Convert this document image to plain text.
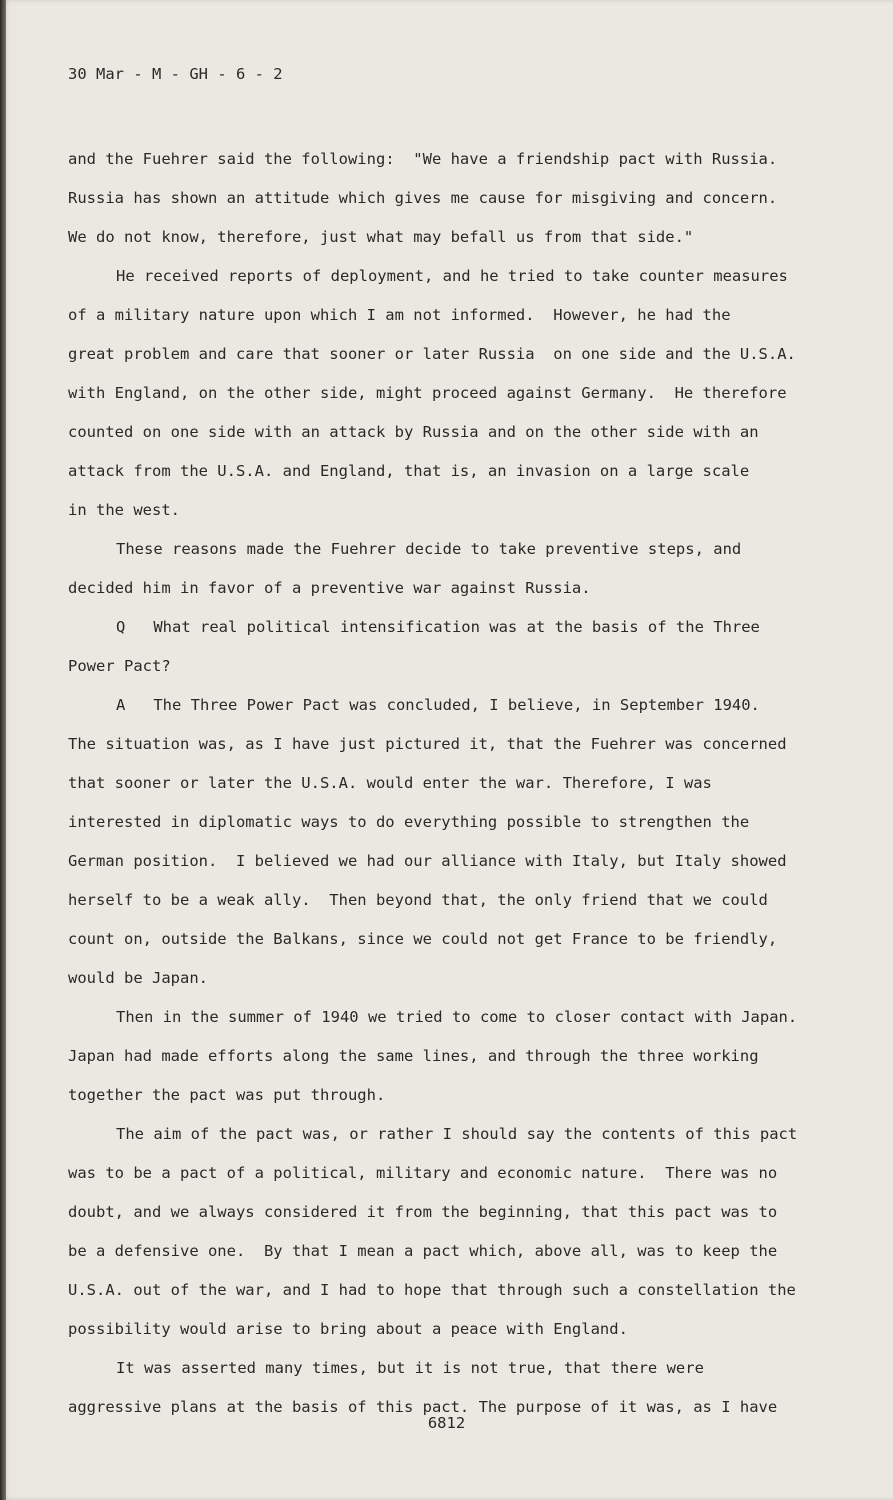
30 Mar - M - GH - 6 - 2
and the Fuehrer said the following:  "We have a friendship pact with Russia.
Russia has shown an attitude which gives me cause for misgiving and concern.
We do not know, therefore, just what may befall us from that side."
He received reports of deployment, and he tried to take counter measures
of a military nature upon which I am not informed.  However, he had the
great problem and care that sooner or later Russia  on one side and the U.S.A.
with England, on the other side, might proceed against Germany.  He therefore
counted on one side with an attack by Russia and on the other side with an
attack from the U.S.A. and England, that is, an invasion on a large scale
in the west.
These reasons made the Fuehrer decide to take preventive steps, and
decided him in favor of a preventive war against Russia.
Q   What real political intensification was at the basis of the Three
Power Pact?
A   The Three Power Pact was concluded, I believe, in September 1940.
The situation was, as I have just pictured it, that the Fuehrer was concerned
that sooner or later the U.S.A. would enter the war. Therefore, I was
interested in diplomatic ways to do everything possible to strengthen the
German position.  I believed we had our alliance with Italy, but Italy showed
herself to be a weak ally.  Then beyond that, the only friend that we could
count on, outside the Balkans, since we could not get France to be friendly,
would be Japan.
Then in the summer of 1940 we tried to come to closer contact with Japan.
Japan had made efforts along the same lines, and through the three working
together the pact was put through.
The aim of the pact was, or rather I should say the contents of this pact
was to be a pact of a political, military and economic nature.  There was no
doubt, and we always considered it from the beginning, that this pact was to
be a defensive one.  By that I mean a pact which, above all, was to keep the
U.S.A. out of the war, and I had to hope that through such a constellation the
possibility would arise to bring about a peace with England.
It was asserted many times, but it is not true, that there were
aggressive plans at the basis of this pact. The purpose of it was, as I have
6812
